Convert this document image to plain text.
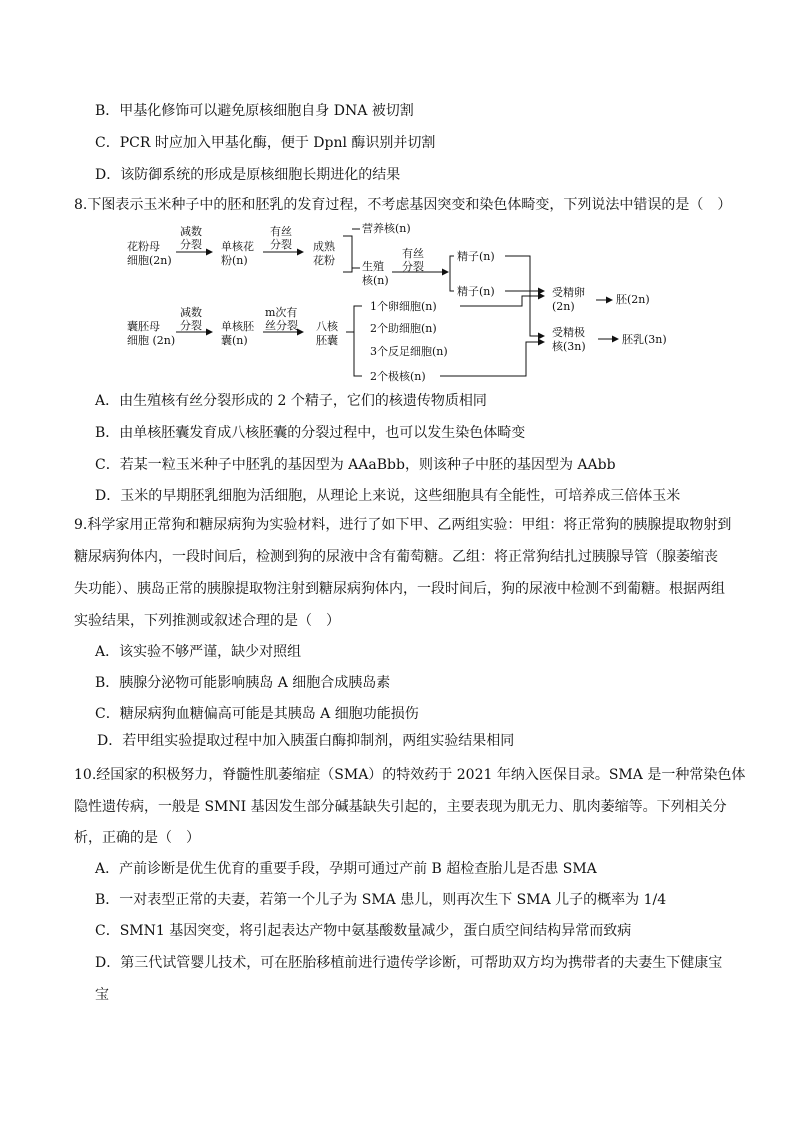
B．甲基化修饰可以避免原核细胞自身 DNA 被切割
C．PCR 时应加入甲基化酶，便于 Dpnl 酶识别并切割
D．该防御系统的形成是原核细胞长期进化的结果
8.下图表示玉米种子中的胚和胚乳的发育过程，不考虑基因突变和染色体畸变，下列说法中错误的是（　）
花粉母
细胞(2n)
减数
分裂 单核花
粉(n)
有丝
分裂 成熟
花粉
营养核(n)
生殖
核(n)
有丝
分裂
精子(n)
精子(n)	受精卵
(2n)
胚(2n)
囊胚母
细胞 (2n)
减数
分裂 单核胚
囊(n)
m次有
丝分裂 八核
胚囊
1个卵细胞(n)
2个助细胞(n)
3个反足细胞(n)
2个极核(n)
受精极
核(3n)
胚乳(3n)
A．由生殖核有丝分裂形成的 2 个精子，它们的核遗传物质相同
B．由单核胚囊发育成八核胚囊的分裂过程中，也可以发生染色体畸变
C．若某一粒玉米种子中胚乳的基因型为 AAaBbb，则该种子中胚的基因型为 AAbb
D．玉米的早期胚乳细胞为活细胞，从理论上来说，这些细胞具有全能性，可培养成三倍体玉米
9.科学家用正常狗和糖尿病狗为实验材料，进行了如下甲、乙两组实验：甲组：将正常狗的胰腺提取物射到
糖尿病狗体内，一段时间后，检测到狗的尿液中含有葡萄糖。乙组：将正常狗结扎过胰腺导管（腺萎缩丧
失功能）、胰岛正常的胰腺提取物注射到糖尿病狗体内，一段时间后，狗的尿液中检测不到葡糖。根据两组
实验结果，下列推测或叙述合理的是（　）
A．该实验不够严谨，缺少对照组
B．胰腺分泌物可能影响胰岛 A 细胞合成胰岛素
C．糖尿病狗血糖偏高可能是其胰岛 A 细胞功能损伤
D．若甲组实验提取过程中加入胰蛋白酶抑制剂，两组实验结果相同
10.经国家的积极努力，脊髓性肌萎缩症（SMA）的特效药于 2021 年纳入医保目录。SMA 是一种常染色体
隐性遗传病，一般是 SMNI 基因发生部分碱基缺失引起的，主要表现为肌无力、肌肉萎缩等。下列相关分
析，正确的是（　）
A．产前诊断是优生优育的重要手段，孕期可通过产前 B 超检查胎儿是否患 SMA
B．一对表型正常的夫妻，若第一个儿子为 SMA 患儿，则再次生下 SMA 儿子的概率为 1/4
C．SMN1 基因突变，将引起表达产物中氨基酸数量减少，蛋白质空间结构异常而致病
D．第三代试管婴儿技术，可在胚胎移植前进行遗传学诊断，可帮助双方均为携带者的夫妻生下健康宝
宝
